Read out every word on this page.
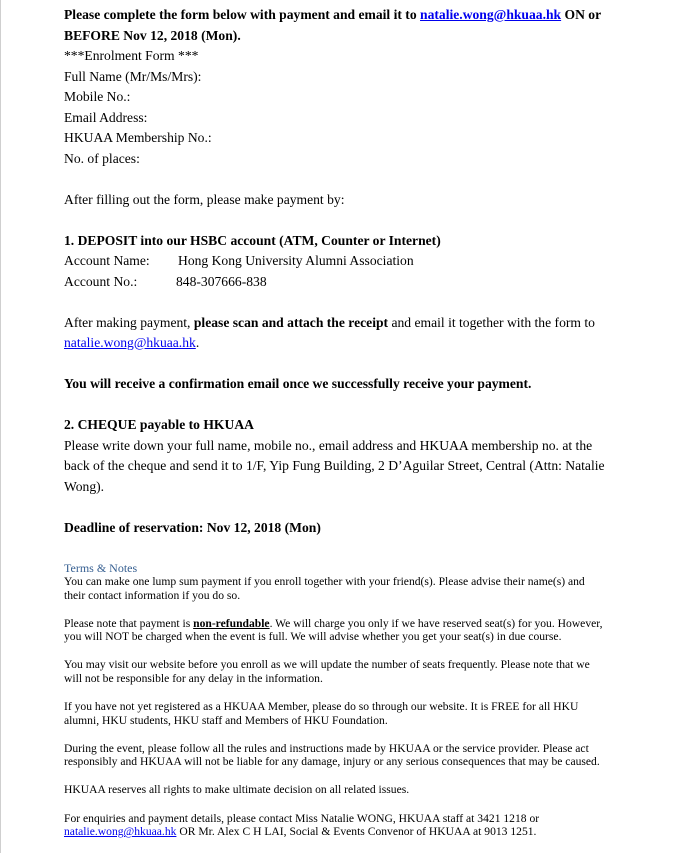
Please complete the form below with payment and email it to natalie.wong@hkuaa.hk ON or

BEFORE Nov 12, 2018 (Mon).

***Enrolment Form ***

Full Name (Mr/Ms/Mrs):

Mobile No.:

Email Address:

HKUAA Membership No.:

No. of places:

After filling out the form, please make payment by:

1. DEPOSIT into our HSBC account (ATM, Counter or Internet)

Account Name:	Hong Kong University Alumni Association
Account No.:	848-307666-838

After making payment, please scan and attach the receipt and email it together with the form to

natalie.wong@hkuaa.hk.

You will receive a confirmation email once we successfully receive your payment.

2. CHEQUE payable to HKUAA

Please write down your full name, mobile no., email address and HKUAA membership no. at the

back of the cheque and send it to 1/F, Yip Fung Building, 2 D’Aguilar Street, Central (Attn: Natalie

Wong).

Deadline of reservation: Nov 12, 2018 (Mon)

Terms & Notes

You can make one lump sum payment if you enroll together with your friend(s). Please advise their name(s) and

their contact information if you do so.

Please note that payment is non-refundable. We will charge you only if we have reserved seat(s) for you. However,

you will NOT be charged when the event is full. We will advise whether you get your seat(s) in due course.

You may visit our website before you enroll as we will update the number of seats frequently. Please note that we

will not be responsible for any delay in the information.

If you have not yet registered as a HKUAA Member, please do so through our website. It is FREE for all HKU

alumni, HKU students, HKU staff and Members of HKU Foundation.

During the event, please follow all the rules and instructions made by HKUAA or the service provider. Please act

responsibly and HKUAA will not be liable for any damage, injury or any serious consequences that may be caused.

HKUAA reserves all rights to make ultimate decision on all related issues.

For enquiries and payment details, please contact Miss Natalie WONG, HKUAA staff at 3421 1218 or

natalie.wong@hkuaa.hk OR Mr. Alex C H LAI, Social & Events Convenor of HKUAA at 9013 1251.
